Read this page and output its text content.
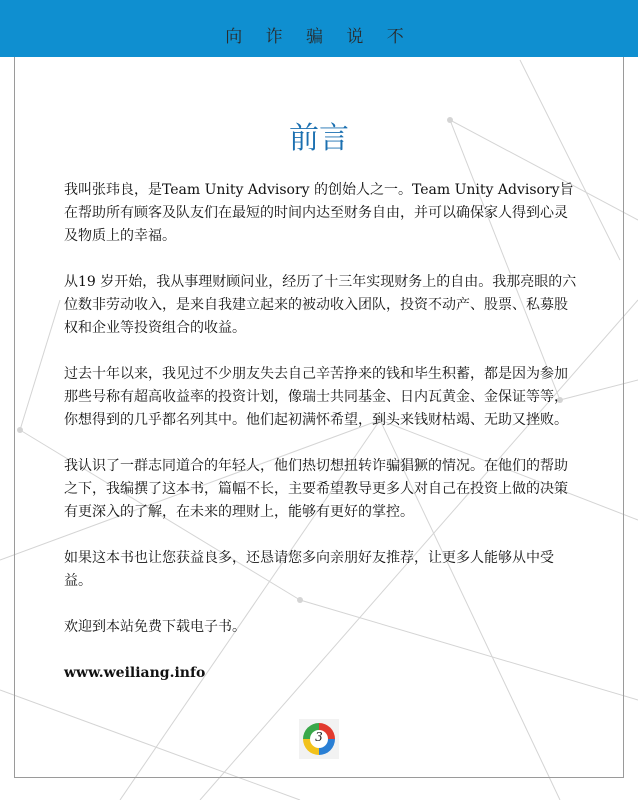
向 诈 骗 说 不
前言

我叫张玮良，是Team Unity Advisory 的创始人之一。Team Unity Advisory旨在帮助所有顾客及队友们在最短的时间内达至财务自由，并可以确保家人得到心灵及物质上的幸福。

从19 岁开始，我从事理财顾问业，经历了十三年实现财务上的自由。我那亮眼的六位数非劳动收入，是来自我建立起来的被动收入团队，投资不动产、股票、私募股权和企业等投资组合的收益。

过去十年以来，我见过不少朋友失去自己辛苦挣来的钱和毕生积蓄，都是因为参加那些号称有超高收益率的投资计划，像瑞士共同基金、日内瓦黄金、金保证等等，你想得到的几乎都名列其中。他们起初满怀希望，到头来钱财枯竭、无助又挫败。

我认识了一群志同道合的年轻人，他们热切想扭转诈骗猖獗的情况。在他们的帮助之下，我编撰了这本书，篇幅不长，主要希望教导更多人对自己在投资上做的决策有更深入的了解，在未来的理财上，能够有更好的掌控。

如果这本书也让您获益良多，还恳请您多向亲朋好友推荐，让更多人能够从中受益。

欢迎到本站免费下载电子书。

www.weiliang.info
3
